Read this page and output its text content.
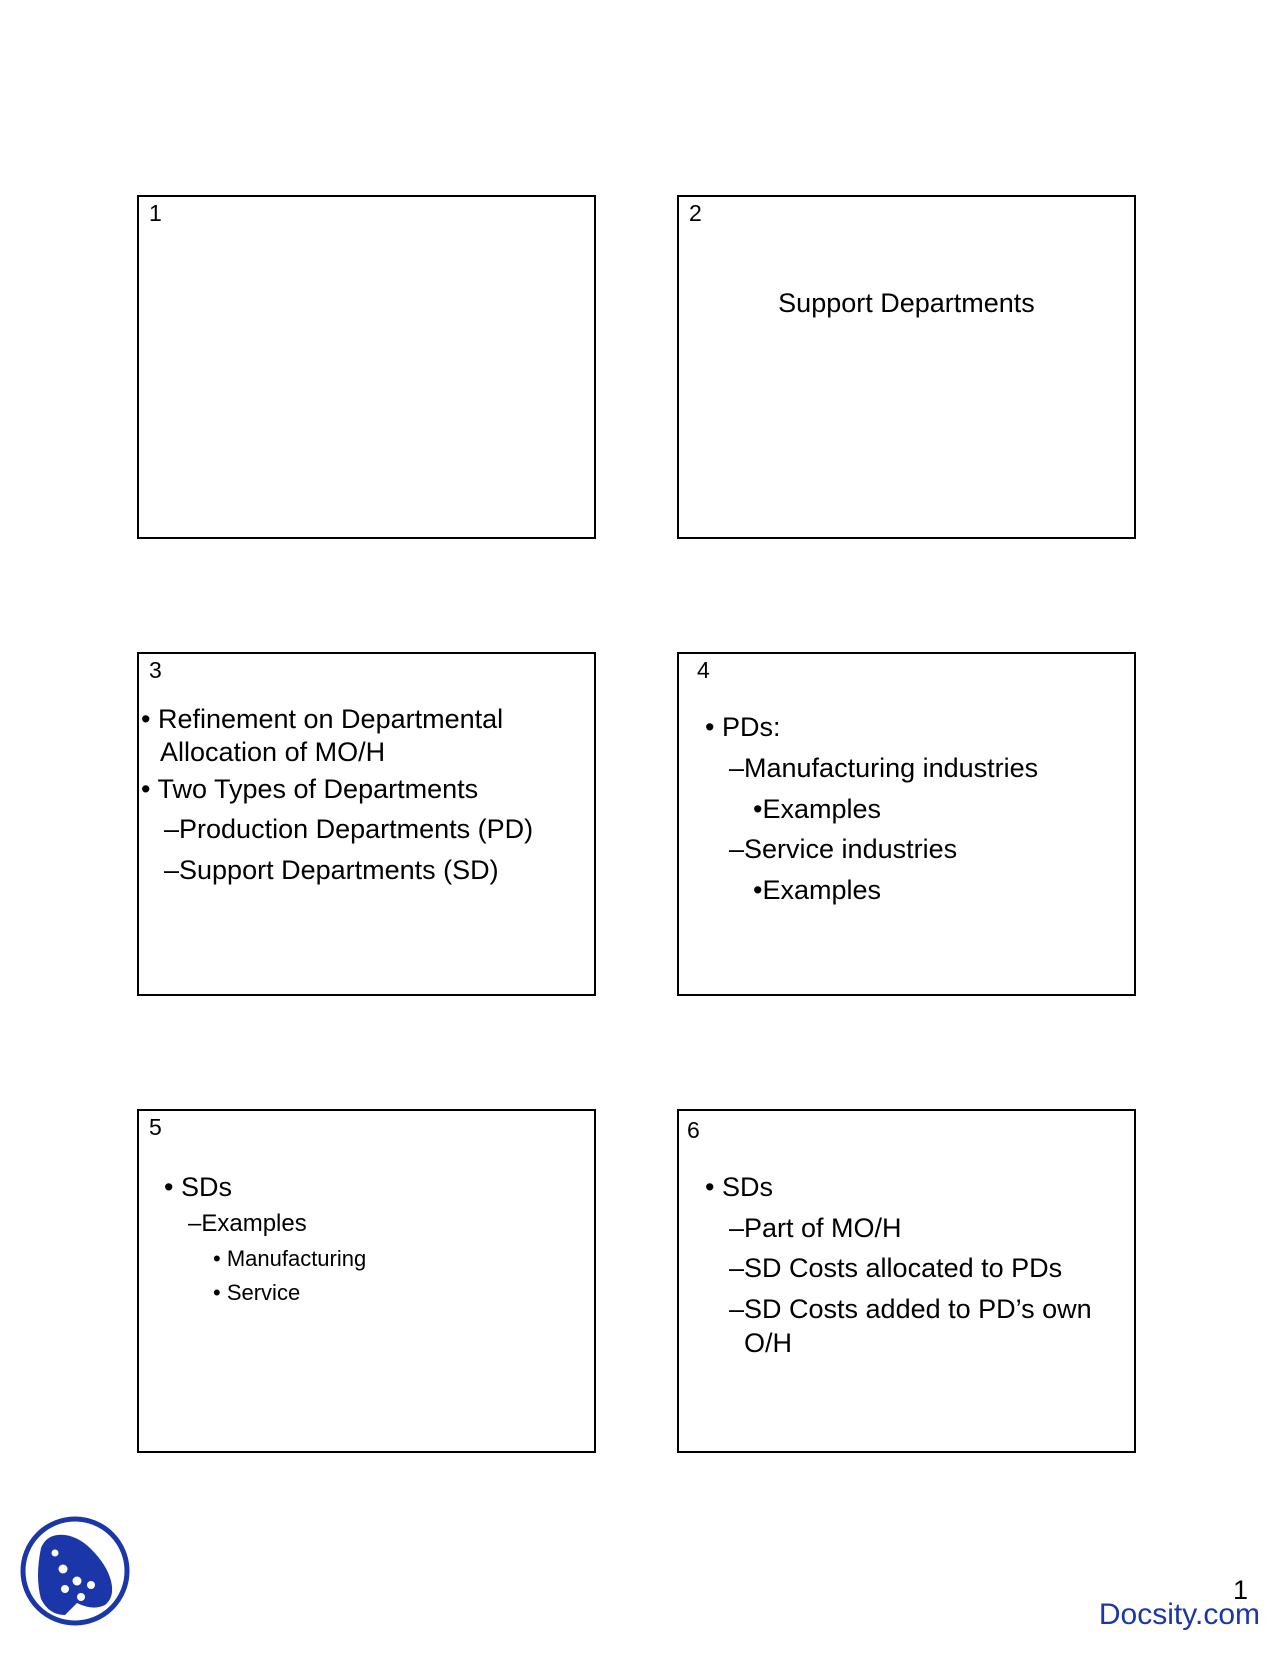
1	2
Support Departments
3
• Refinement on Departmental
Allocation of MO/H
• Two Types of Departments
–Production Departments (PD)
–Support Departments (SD)
4
• PDs:
–Manufacturing industries
•Examples
–Service industries
•Examples
5
• SDs
–Examples
• Manufacturing
• Service
6
• SDs
–Part of MO/H
–SD Costs allocated to PDs
–SD Costs added to PD’s own
O/H
1
Docsity.com
